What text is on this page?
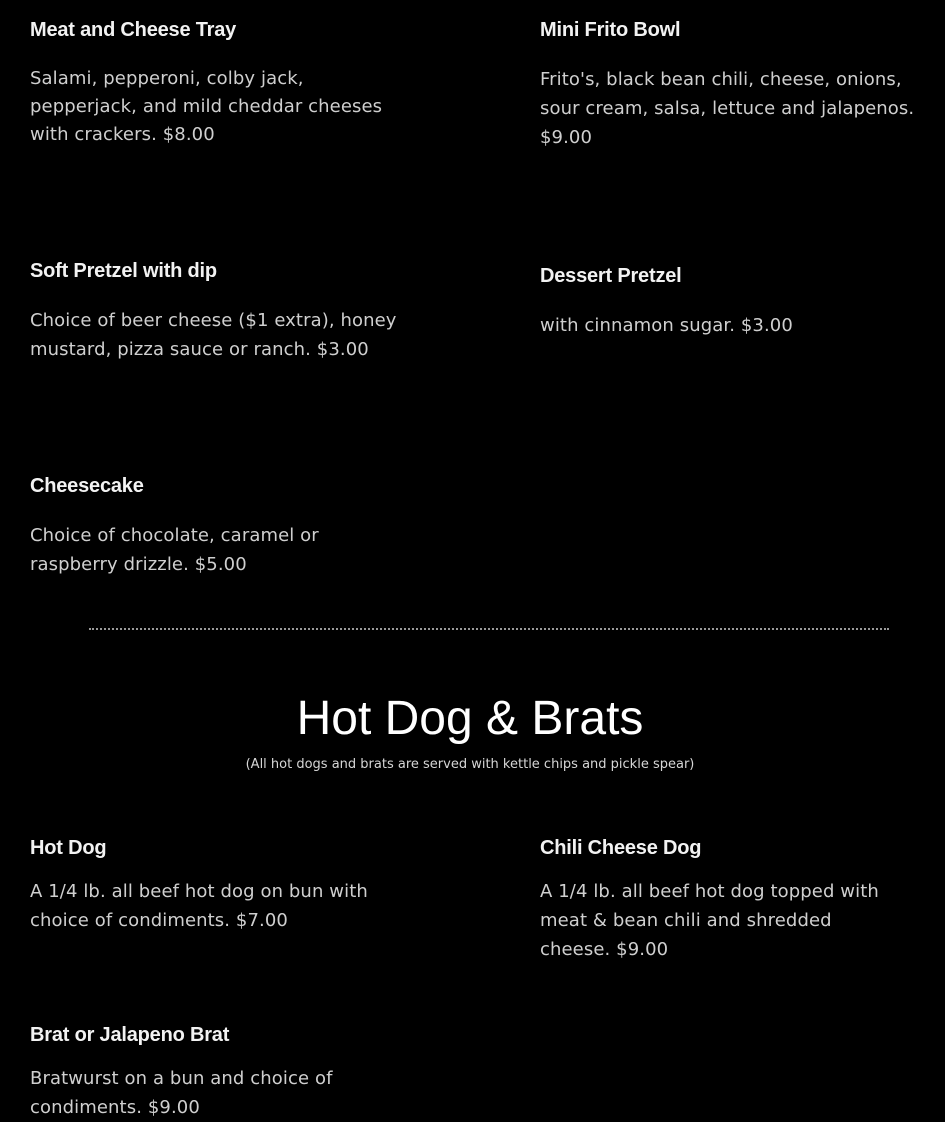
Meat and Cheese Tray

Salami, pepperoni, colby jack, pepperjack, and mild cheddar cheeses with crackers. $8.00

Mini Frito Bowl

Frito's, black bean chili, cheese, onions, sour cream, salsa, lettuce and jalapenos. $9.00

Soft Pretzel with dip

Choice of beer cheese ($1 extra), honey mustard, pizza sauce or ranch. $3.00

Dessert Pretzel

with cinnamon sugar. $3.00

Cheesecake

Choice of chocolate, caramel or raspberry drizzle. $5.00

Hot Dog & Brats

(All hot dogs and brats are served with kettle chips and pickle spear)

Hot Dog

A 1/4 lb. all beef hot dog on bun with choice of condiments. $7.00

Chili Cheese Dog

A 1/4 lb. all beef hot dog topped with meat & bean chili and shredded cheese. $9.00

Brat or Jalapeno Brat

Bratwurst on a bun and choice of condiments. $9.00
